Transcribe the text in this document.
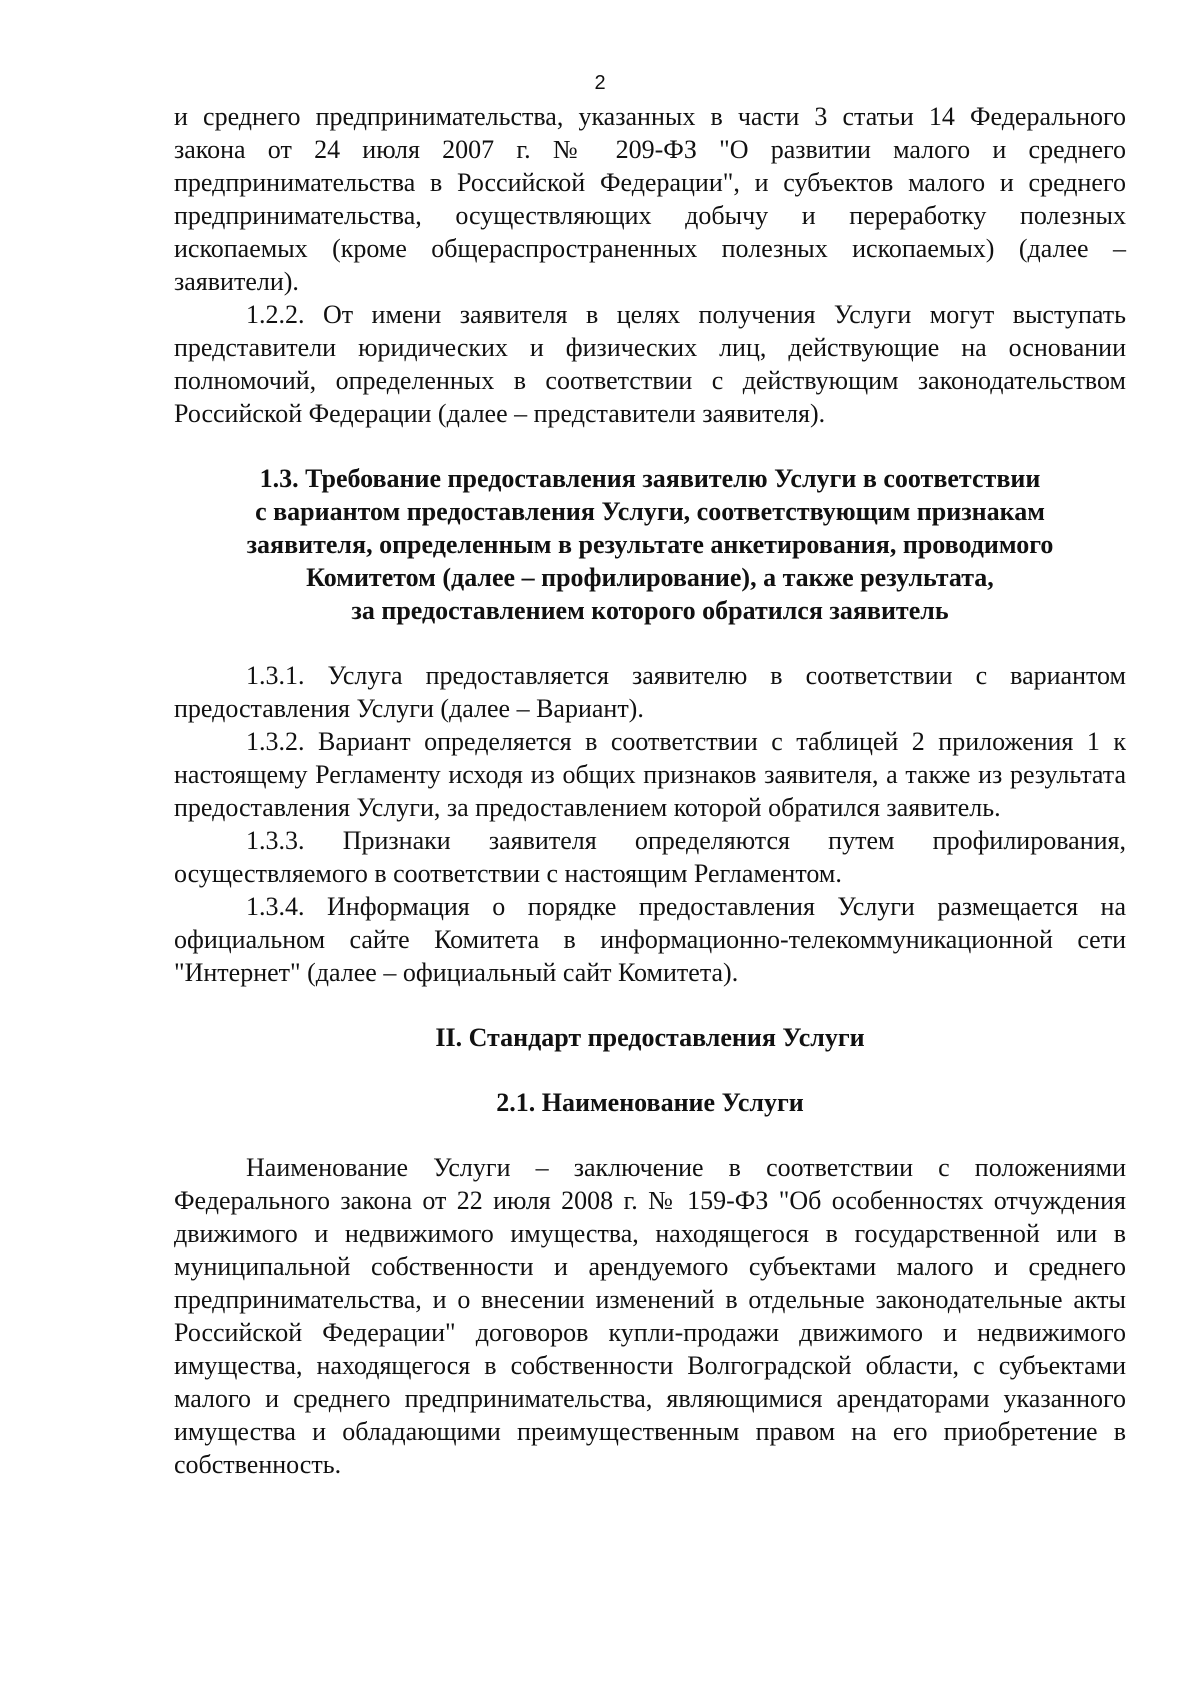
2

и среднего предпринимательства, указанных в части 3 статьи 14 Федерального закона от 24 июля 2007 г. № 209-ФЗ "О развитии малого и среднего предпринимательства в Российской Федерации", и субъектов малого и среднего предпринимательства, осуществляющих добычу и переработку полезных ископаемых (кроме общераспространенных полезных ископаемых) (далее – заявители).

1.2.2. От имени заявителя в целях получения Услуги могут выступать представители юридических и физических лиц, действующие на основании полномочий, определенных в соответствии с действующим законодательством Российской Федерации (далее – представители заявителя).

1.3. Требование предоставления заявителю Услуги в соответствии
с вариантом предоставления Услуги, соответствующим признакам
заявителя, определенным в результате анкетирования, проводимого
Комитетом (далее – профилирование), а также результата,
за предоставлением которого обратился заявитель

1.3.1. Услуга предоставляется заявителю в соответствии с вариантом предоставления Услуги (далее – Вариант).

1.3.2. Вариант определяется в соответствии с таблицей 2 приложения 1 к настоящему Регламенту исходя из общих признаков заявителя, а также из результата предоставления Услуги, за предоставлением которой обратился заявитель.

1.3.3. Признаки заявителя определяются путем профилирования, осуществляемого в соответствии с настоящим Регламентом.

1.3.4. Информация о порядке предоставления Услуги размещается на официальном сайте Комитета в информационно-телекоммуникационной сети "Интернет" (далее – официальный сайт Комитета).

II. Стандарт предоставления Услуги
2.1. Наименование Услуги

Наименование Услуги – заключение в соответствии с положениями Федерального закона от 22 июля 2008 г. № 159-ФЗ "Об особенностях отчуждения движимого и недвижимого имущества, находящегося в государственной или в муниципальной собственности и арендуемого субъектами малого и среднего предпринимательства, и о внесении изменений в отдельные законодательные акты Российской Федерации" договоров купли-продажи движимого и недвижимого имущества, находящегося в собственности Волгоградской области, с субъектами малого и среднего предпринимательства, являющимися арендаторами указанного имущества и обладающими преимущественным правом на его приобретение в собственность.
